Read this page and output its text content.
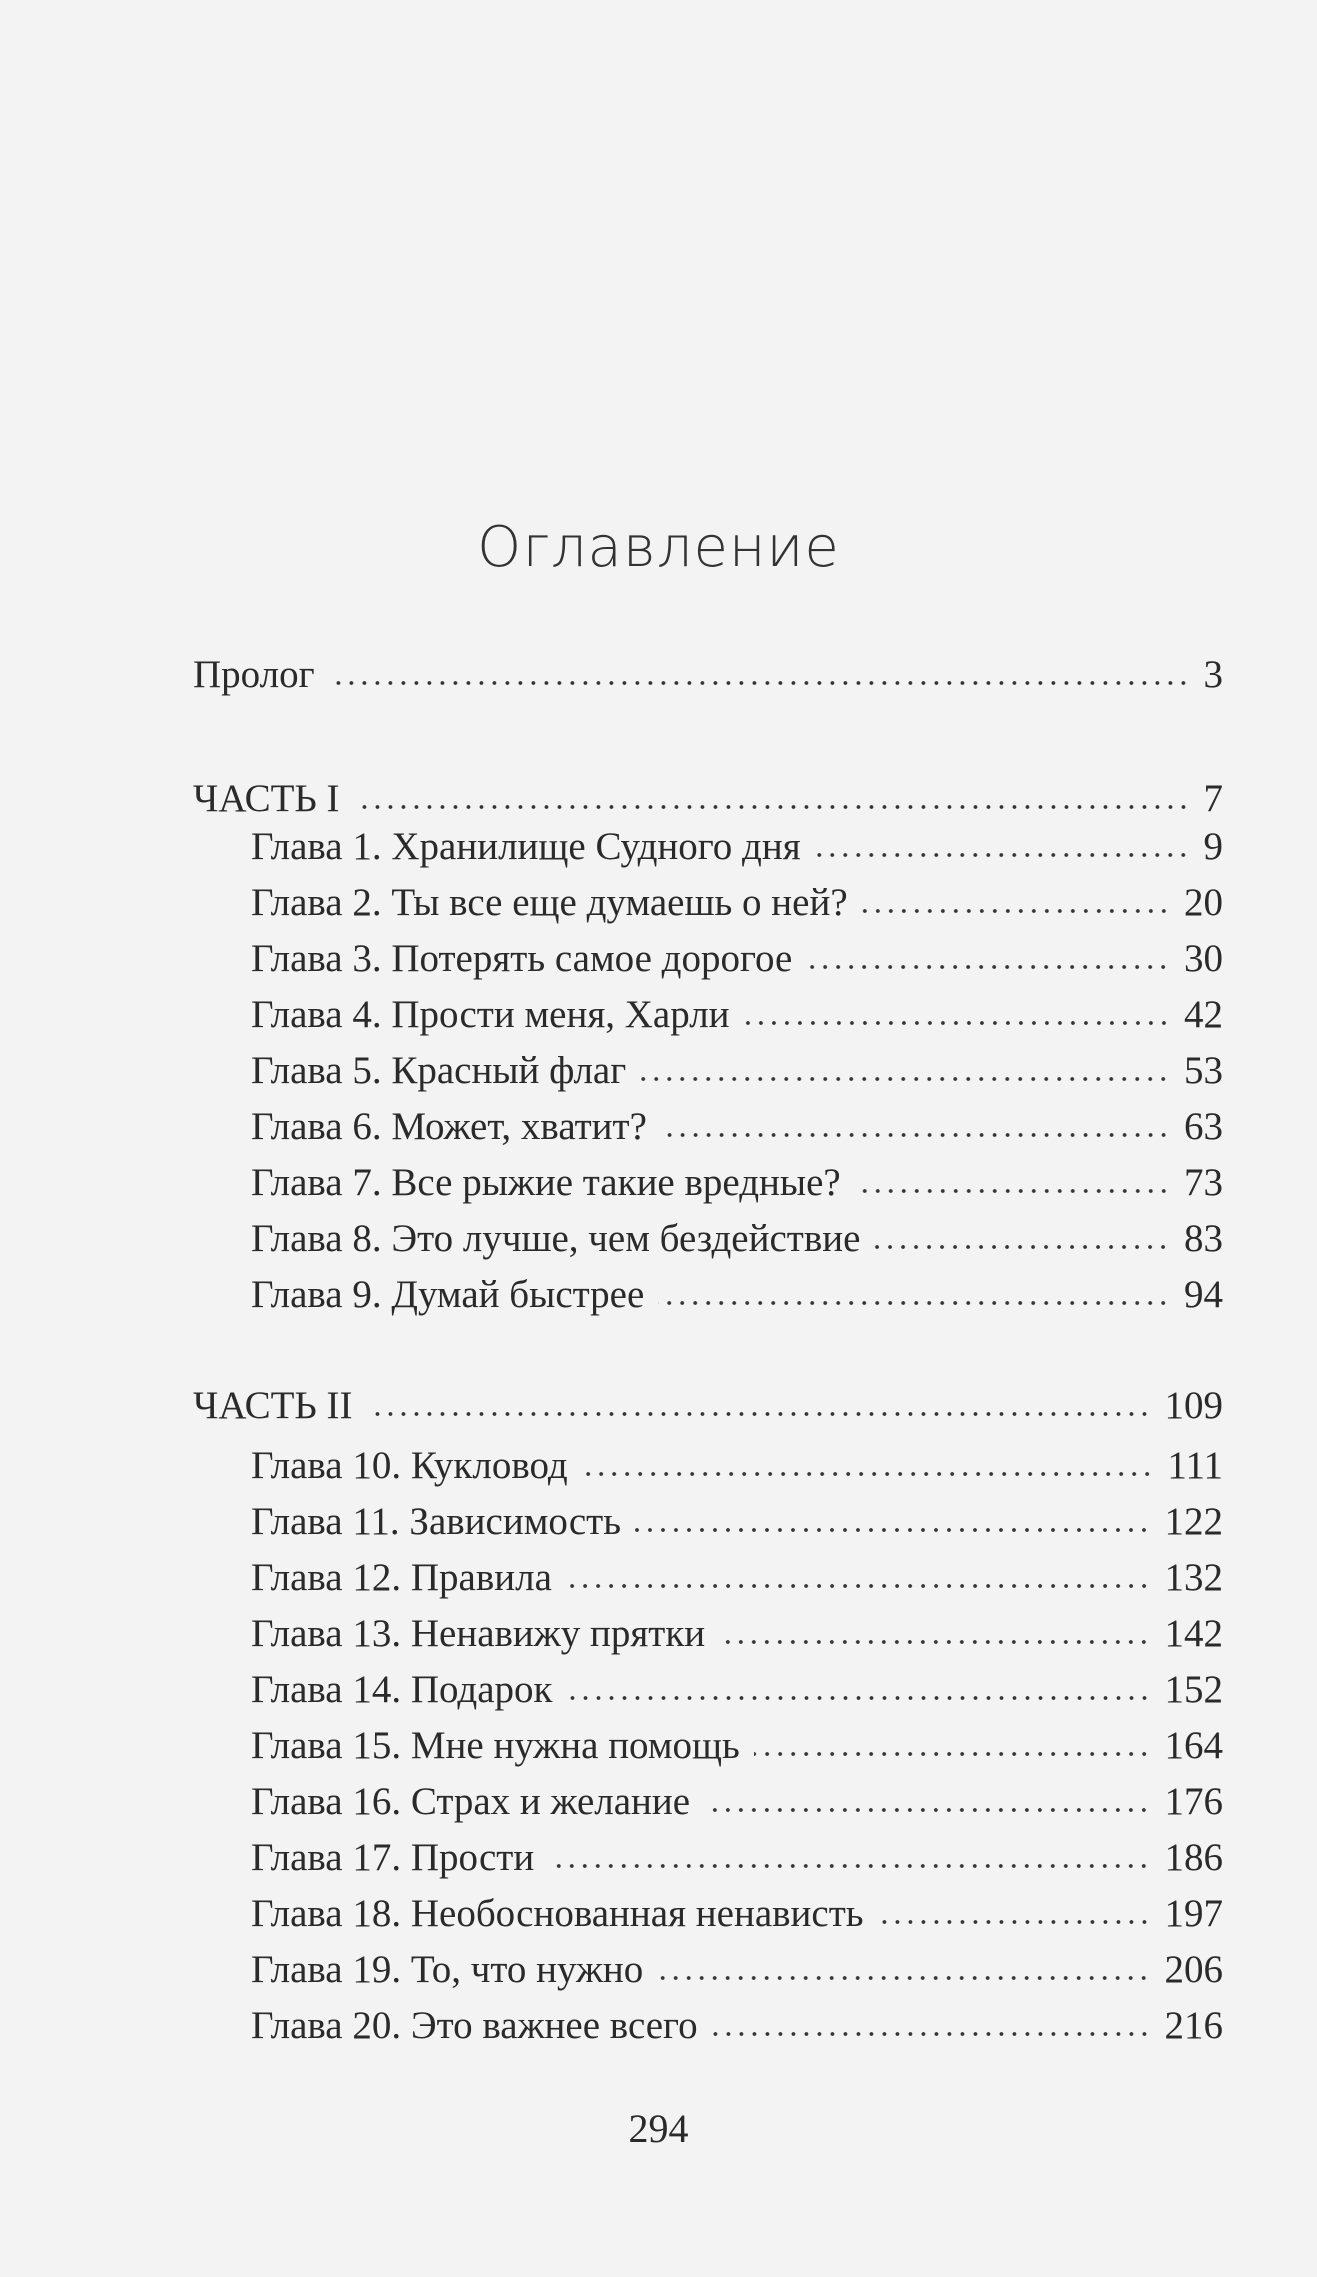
Оглавление
Пролог	3
ЧАСТЬ I	7
Глава 1. Хранилище Судного дня	9
Глава 2. Ты все еще думаешь о ней?	20
Глава 3. Потерять самое дорогое	30
Глава 4. Прости меня, Харли	42
Глава 5. Красный флаг	53
Глава 6. Может, хватит?	63
Глава 7. Все рыжие такие вредные?	73
Глава 8. Это лучше, чем бездействие	83
Глава 9. Думай быстрее	94
ЧАСТЬ II	109
Глава 10. Кукловод	111
Глава 11. Зависимость	122
Глава 12. Правила	132
Глава 13. Ненавижу прятки	142
Глава 14. Подарок	152
Глава 15. Мне нужна помощь	164
Глава 16. Страх и желание	176
Глава 17. Прости	186
Глава 18. Необоснованная ненависть	197
Глава 19. То, что нужно	206
Глава 20. Это важнее всего	216
294
